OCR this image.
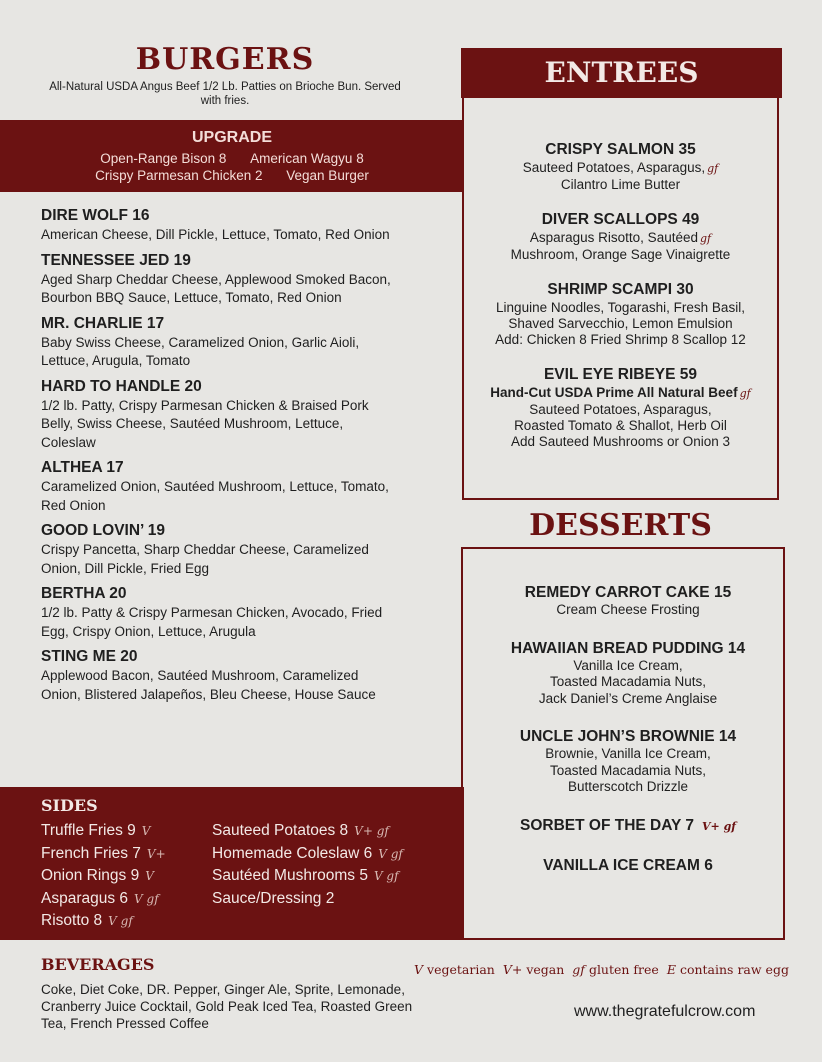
BURGERS
All-Natural USDA Angus Beef 1/2 Lb. Patties on Brioche Bun. Served with fries.
UPGRADE
Open-Range Bison 8 American Wagyu 8
Crispy Parmesan Chicken 2 Vegan Burger
DIRE WOLF 16
American Cheese, Dill Pickle, Lettuce, Tomato, Red Onion
TENNESSEE JED 19
Aged Sharp Cheddar Cheese, Applewood Smoked Bacon, Bourbon BBQ Sauce, Lettuce, Tomato, Red Onion
MR. CHARLIE 17
Baby Swiss Cheese, Caramelized Onion, Garlic Aioli, Lettuce, Arugula, Tomato
HARD TO HANDLE 20
1/2 lb. Patty, Crispy Parmesan Chicken & Braised Pork Belly, Swiss Cheese, Sautéed Mushroom, Lettuce, Coleslaw
ALTHEA 17
Caramelized Onion, Sautéed Mushroom, Lettuce, Tomato, Red Onion
GOOD LOVIN’ 19
Crispy Pancetta, Sharp Cheddar Cheese, Caramelized Onion, Dill Pickle, Fried Egg
BERTHA 20
1/2 lb. Patty & Crispy Parmesan Chicken, Avocado, Fried Egg, Crispy Onion, Lettuce, Arugula
STING ME 20
Applewood Bacon, Sautéed Mushroom, Caramelized Onion, Blistered Jalapeños, Bleu Cheese, House Sauce
SIDES
Truffle Fries 9 V
French Fries 7 V+
Onion Rings 9 V
Asparagus 6 V gf
Risotto 8 V gf
Sauteed Potatoes 8 V+ gf
Homemade Coleslaw 6 V gf
Sautéed Mushrooms 5 V gf
Sauce/Dressing 2
BEVERAGES
Coke, Diet Coke, DR. Pepper, Ginger Ale, Sprite, Lemonade, Cranberry Juice Cocktail, Gold Peak Iced Tea, Roasted Green Tea, French Pressed Coffee
V vegetarian V+ vegan gf gluten free E contains raw egg
www.thegratefulcrow.com
ENTREES
CRISPY SALMON 35
Sauteed Potatoes, Asparagus, gf
Cilantro Lime Butter
DIVER SCALLOPS 49
Asparagus Risotto, Sautéed gf
Mushroom, Orange Sage Vinaigrette
SHRIMP SCAMPI 30
Linguine Noodles, Togarashi, Fresh Basil,
Shaved Sarvecchio, Lemon Emulsion
Add: Chicken 8 Fried Shrimp 8 Scallop 12
EVIL EYE RIBEYE 59
Hand-Cut USDA Prime All Natural Beef gf
Sauteed Potatoes, Asparagus,
Roasted Tomato & Shallot, Herb Oil
Add Sauteed Mushrooms or Onion 3
DESSERTS
REMEDY CARROT CAKE 15
Cream Cheese Frosting
HAWAIIAN BREAD PUDDING 14
Vanilla Ice Cream,
Toasted Macadamia Nuts,
Jack Daniel’s Creme Anglaise
UNCLE JOHN’S BROWNIE 14
Brownie, Vanilla Ice Cream,
Toasted Macadamia Nuts,
Butterscotch Drizzle
SORBET OF THE DAY 7 V+ gf
VANILLA ICE CREAM 6
